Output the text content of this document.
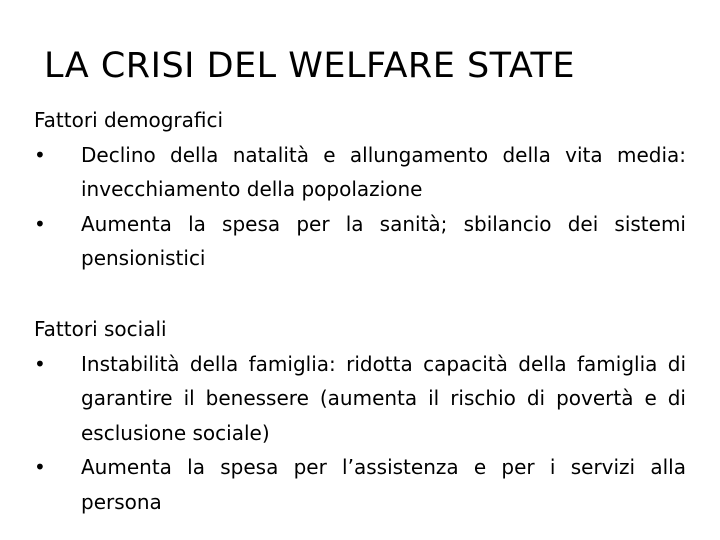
LA CRISI DEL WELFARE STATE
Fattori demografici
• Declino della natalità e allungamento della vita media: invecchiamento della popolazione
• Aumenta la spesa per la sanità; sbilancio dei sistemi pensionistici
Fattori sociali
• Instabilità della famiglia: ridotta capacità della famiglia di garantire il benessere (aumenta il rischio di povertà e di esclusione sociale)
• Aumenta la spesa per l’assistenza e per i servizi alla persona
